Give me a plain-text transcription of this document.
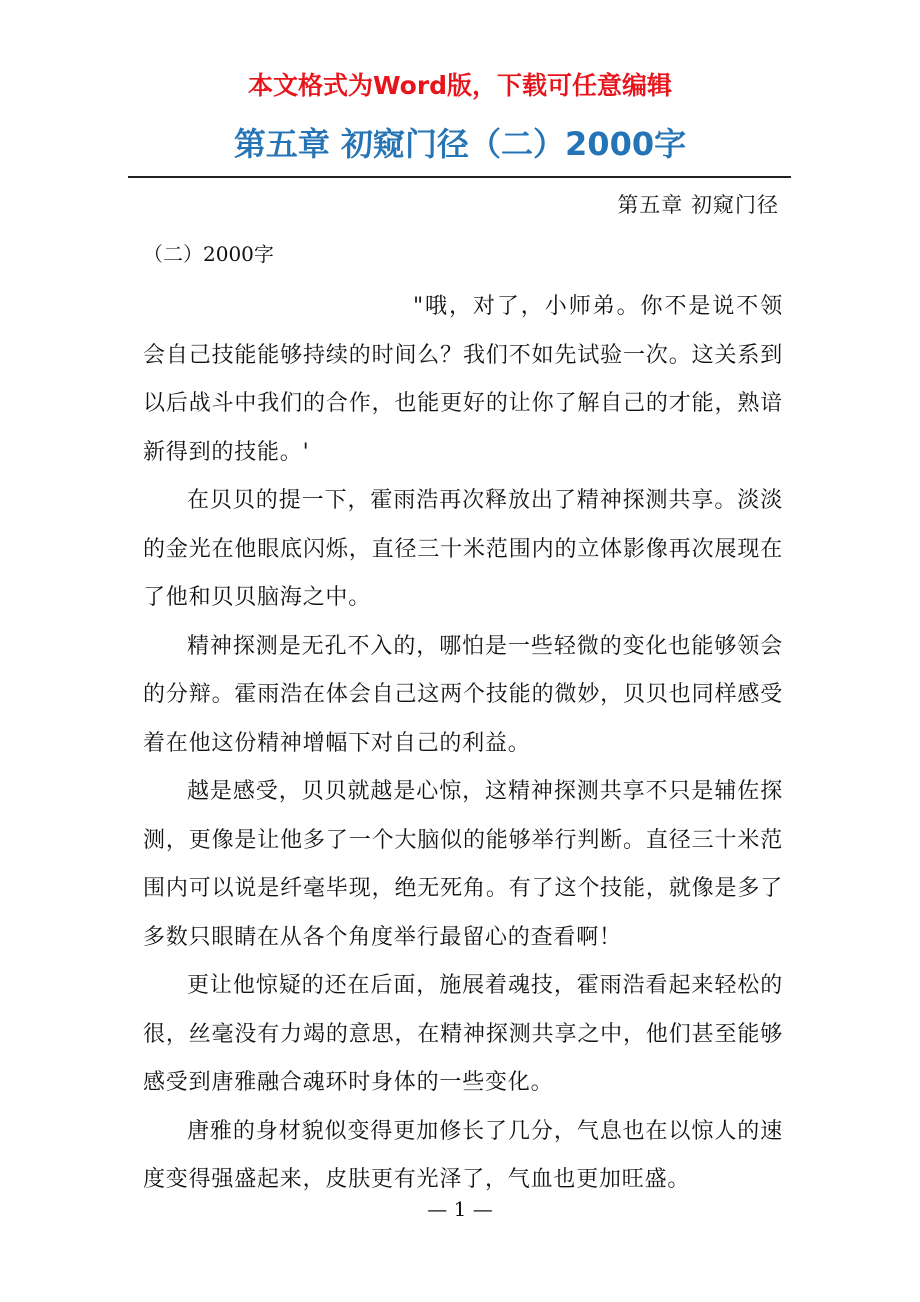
本文格式为Word版，下载可任意编辑
第五章 初窥门径（二）2000字
第五章 初窥门径
（二）2000字

"哦，对了，小师弟。你不是说不领会自己技能能够持续的时间么？我们不如先试验一次。这关系到以后战斗中我们的合作，也能更好的让你了解自己的才能，熟谙新得到的技能。'

在贝贝的提一下，霍雨浩再次释放出了精神探测共享。淡淡的金光在他眼底闪烁，直径三十米范围内的立体影像再次展现在了他和贝贝脑海之中。

精神探测是无孔不入的，哪怕是一些轻微的变化也能够领会的分辩。霍雨浩在体会自己这两个技能的微妙，贝贝也同样感受着在他这份精神增幅下对自己的利益。

越是感受，贝贝就越是心惊，这精神探测共享不只是辅佐探测，更像是让他多了一个大脑似的能够举行判断。直径三十米范围内可以说是纤毫毕现，绝无死角。有了这个技能，就像是多了多数只眼睛在从各个角度举行最留心的查看啊！

更让他惊疑的还在后面，施展着魂技，霍雨浩看起来轻松的很，丝毫没有力竭的意思，在精神探测共享之中，他们甚至能够感受到唐雅融合魂环时身体的一些变化。

唐雅的身材貌似变得更加修长了几分，气息也在以惊人的速度变得强盛起来，皮肤更有光泽了，气血也更加旺盛。

— 1 —
